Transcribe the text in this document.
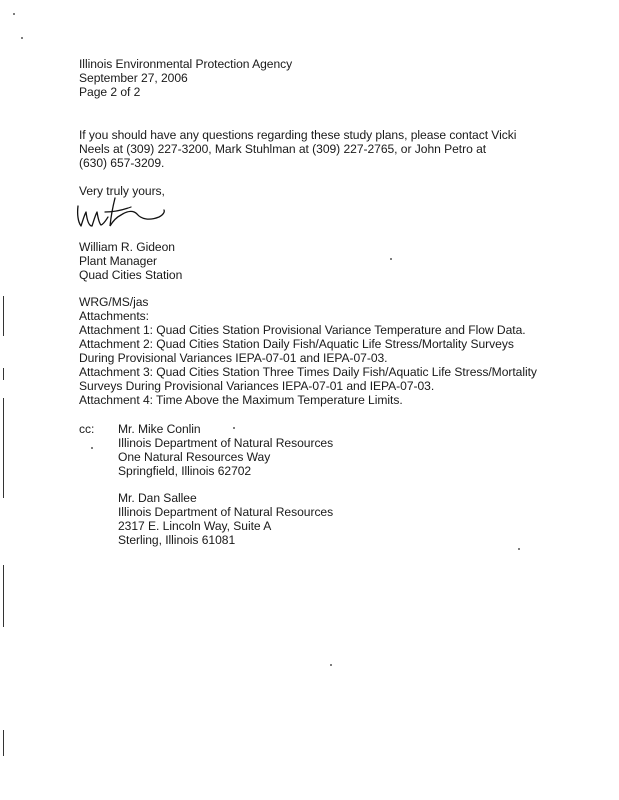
Illinois Environmental Protection Agency
September 27, 2006
Page 2 of 2
If you should have any questions regarding these study plans, please contact Vicki
Neels at (309) 227-3200, Mark Stuhlman at (309) 227-2765, or John Petro at
(630) 657-3209.
Very truly yours,
William R. Gideon
Plant Manager
Quad Cities Station
WRG/MS/jas
Attachments:
Attachment 1: Quad Cities Station Provisional Variance Temperature and Flow Data.
Attachment 2: Quad Cities Station Daily Fish/Aquatic Life Stress/Mortality Surveys
During Provisional Variances IEPA-07-01 and IEPA-07-03.
Attachment 3: Quad Cities Station Three Times Daily Fish/Aquatic Life Stress/Mortality
Surveys During Provisional Variances IEPA-07-01 and IEPA-07-03.
Attachment 4: Time Above the Maximum Temperature Limits.
cc: Mr. Mike Conlin
Illinois Department of Natural Resources
One Natural Resources Way
Springfield, Illinois 62702
Mr. Dan Sallee
Illinois Department of Natural Resources
2317 E. Lincoln Way, Suite A
Sterling, Illinois 61081
